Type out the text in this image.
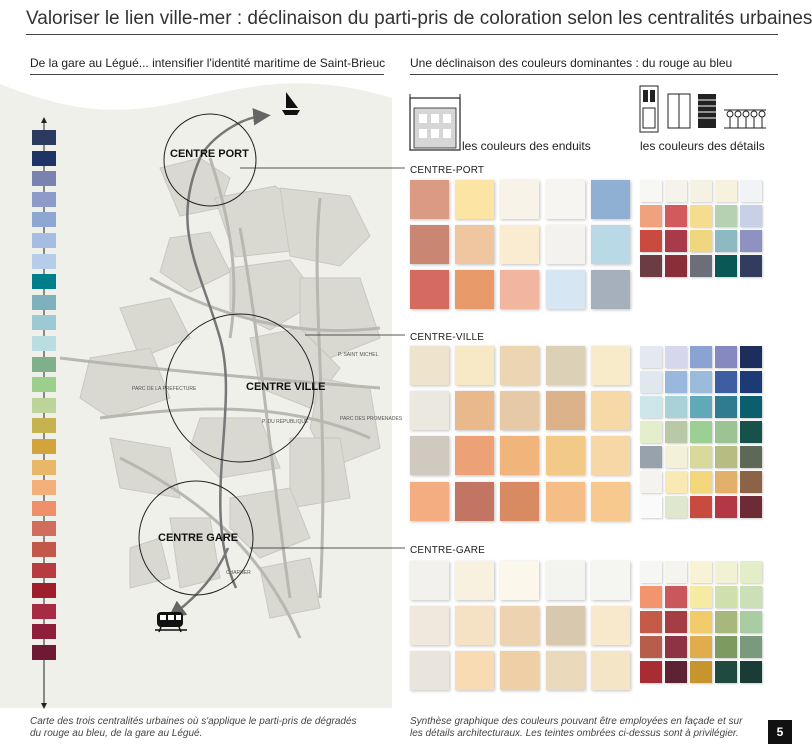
Valoriser le lien ville-mer : déclinaison du parti-pris de coloration selon les centralités urbaines
De la gare au Légué... intensifier l'identité maritime de Saint-Brieuc Une déclinaison des couleurs dominantes : du rouge au bleu
PARC DE LA PREFECTURE
PARC DES PROMENADES
P. SAINT MICHEL
P. DU REPUBLIQUE
CHARNER
CENTRE PORT
CENTRE VILLE
CENTRE GARE
les couleurs des enduits	les couleurs des détails
CENTRE-PORT
CENTRE-VILLE
CENTRE-GARE
Carte des trois centralités urbaines où s'applique le parti-pris de dégradés
du rouge au bleu, de la gare au Légué.
Synthèse graphique des couleurs pouvant être employées en façade et sur
les détails architecturaux. Les teintes ombrées ci-dessus sont à privilégier.	5
